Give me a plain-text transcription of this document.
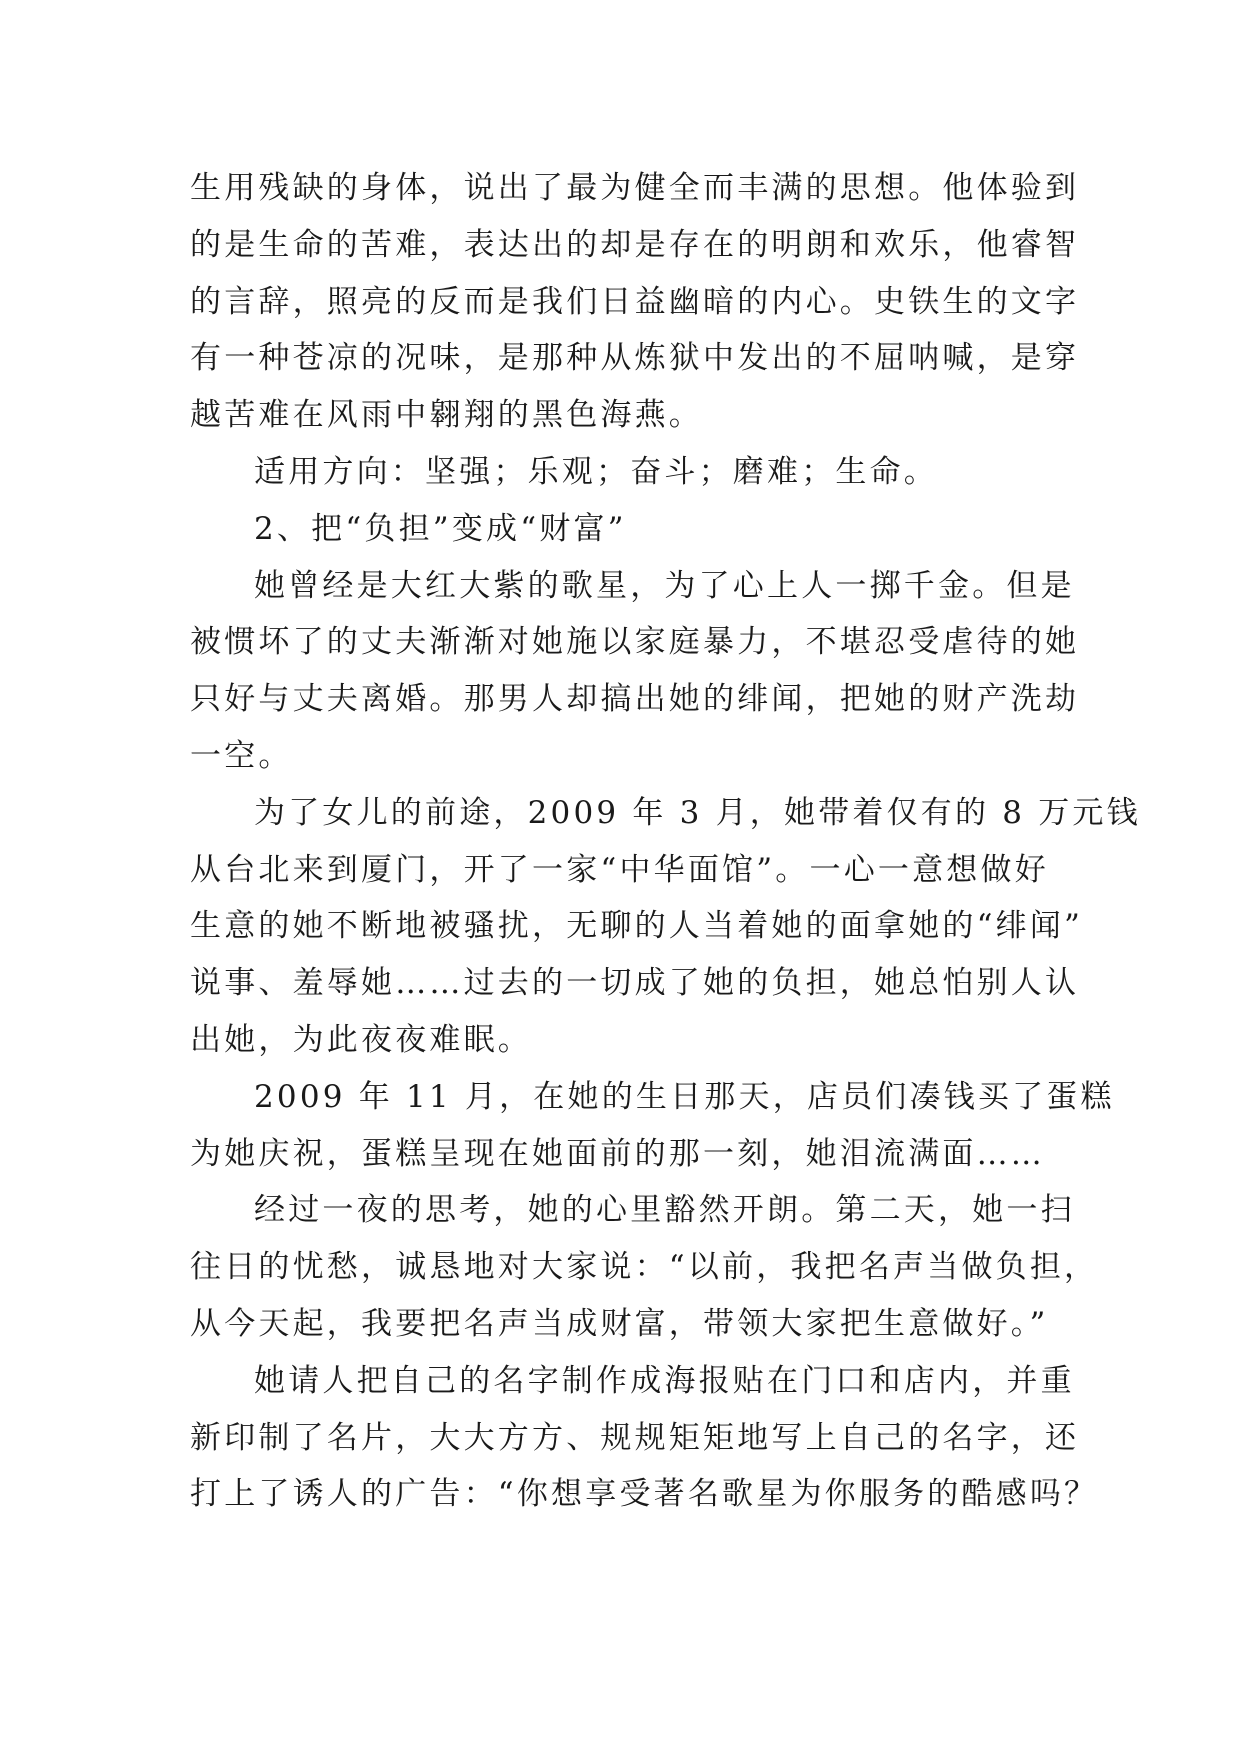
生用残缺的身体，说出了最为健全而丰满的思想。他体验到
的是生命的苦难，表达出的却是存在的明朗和欢乐，他睿智
的言辞，照亮的反而是我们日益幽暗的内心。史铁生的文字
有一种苍凉的况味，是那种从炼狱中发出的不屈呐喊，是穿
越苦难在风雨中翱翔的黑色海燕。
适用方向：坚强；乐观；奋斗；磨难；生命。
2、把“负担”变成“财富”
她曾经是大红大紫的歌星，为了心上人一掷千金。但是
被惯坏了的丈夫渐渐对她施以家庭暴力，不堪忍受虐待的她
只好与丈夫离婚。那男人却搞出她的绯闻，把她的财产洗劫
一空。
为了女儿的前途，2009 年 3 月，她带着仅有的 8 万元钱
从台北来到厦门，开了一家“中华面馆”。一心一意想做好
生意的她不断地被骚扰，无聊的人当着她的面拿她的“绯闻”
说事、羞辱她……过去的一切成了她的负担，她总怕别人认
出她，为此夜夜难眠。
2009 年 11 月，在她的生日那天，店员们凑钱买了蛋糕
为她庆祝，蛋糕呈现在她面前的那一刻，她泪流满面……
经过一夜的思考，她的心里豁然开朗。第二天，她一扫
往日的忧愁，诚恳地对大家说：“以前，我把名声当做负担，
从今天起，我要把名声当成财富，带领大家把生意做好。”
她请人把自己的名字制作成海报贴在门口和店内，并重
新印制了名片，大大方方、规规矩矩地写上自己的名字，还
打上了诱人的广告：“你想享受著名歌星为你服务的酷感吗？
